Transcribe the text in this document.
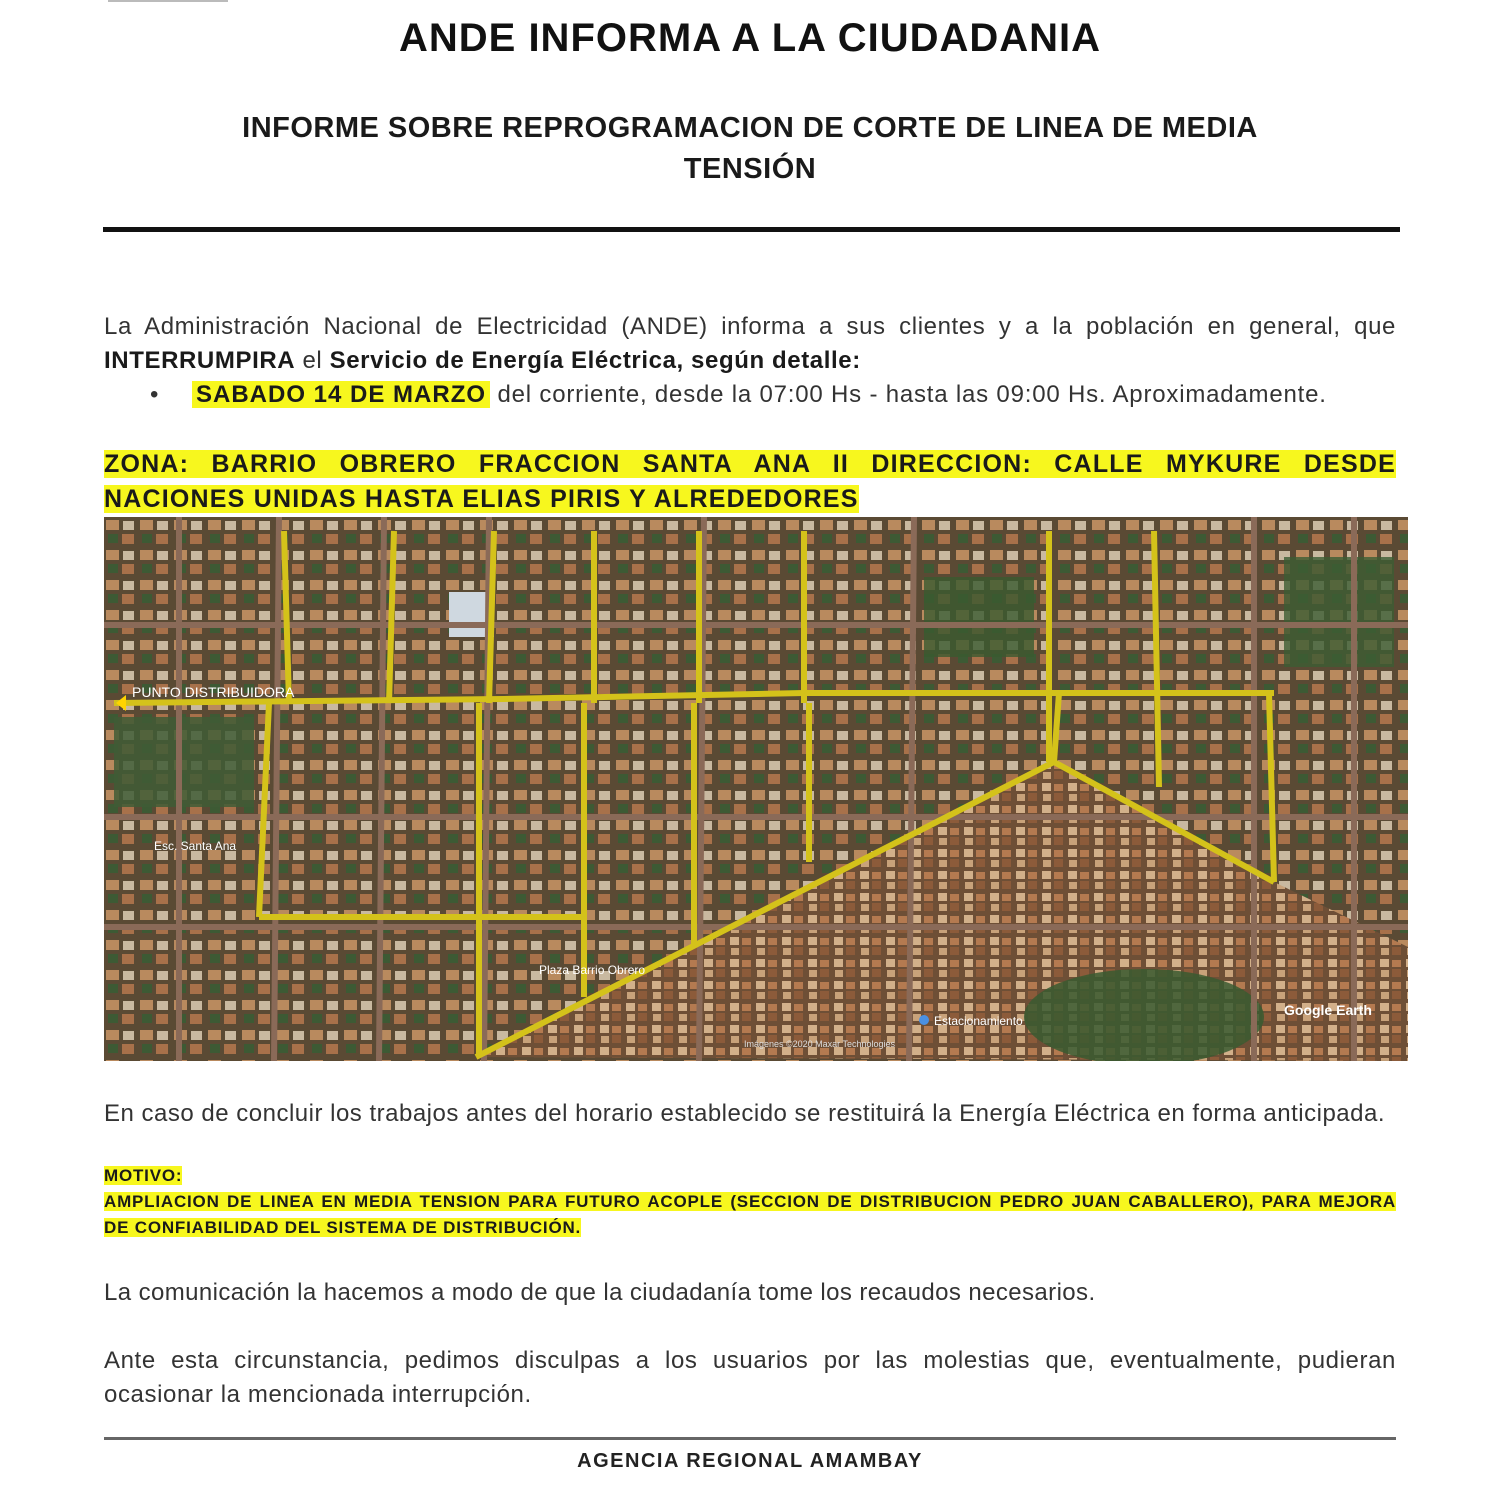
ANDE INFORMA A LA CIUDADANIA
INFORME SOBRE REPROGRAMACION DE CORTE DE LINEA DE MEDIA
TENSIÓN
La Administración Nacional de Electricidad (ANDE) informa a sus clientes y a la población en general, que INTERRUMPIRA el Servicio de Energía Eléctrica, según detalle:
• SABADO 14 DE MARZO del corriente, desde la 07:00 Hs - hasta las 09:00 Hs. Aproximadamente.
ZONA: BARRIO OBRERO FRACCION SANTA ANA II DIRECCION: CALLE MYKURE DESDE NACIONES UNIDAS HASTA ELIAS PIRIS Y ALREDEDORES
PUNTO DISTRIBUIDORA
Esc. Santa Ana
Plaza Barrio Obrero
Estacionamiento
Google Earth
Imágenes ©2020 Maxar Technologies
En caso de concluir los trabajos antes del horario establecido se restituirá la Energía Eléctrica en forma anticipada.
MOTIVO:
AMPLIACION DE LINEA EN MEDIA TENSION PARA FUTURO ACOPLE (SECCION DE DISTRIBUCION PEDRO JUAN CABALLERO), PARA MEJORA DE CONFIABILIDAD DEL SISTEMA DE DISTRIBUCIÓN.
La comunicación la hacemos a modo de que la ciudadanía tome los recaudos necesarios.
Ante esta circunstancia, pedimos disculpas a los usuarios por las molestias que, eventualmente, pudieran ocasionar la mencionada interrupción.
AGENCIA REGIONAL AMAMBAY
